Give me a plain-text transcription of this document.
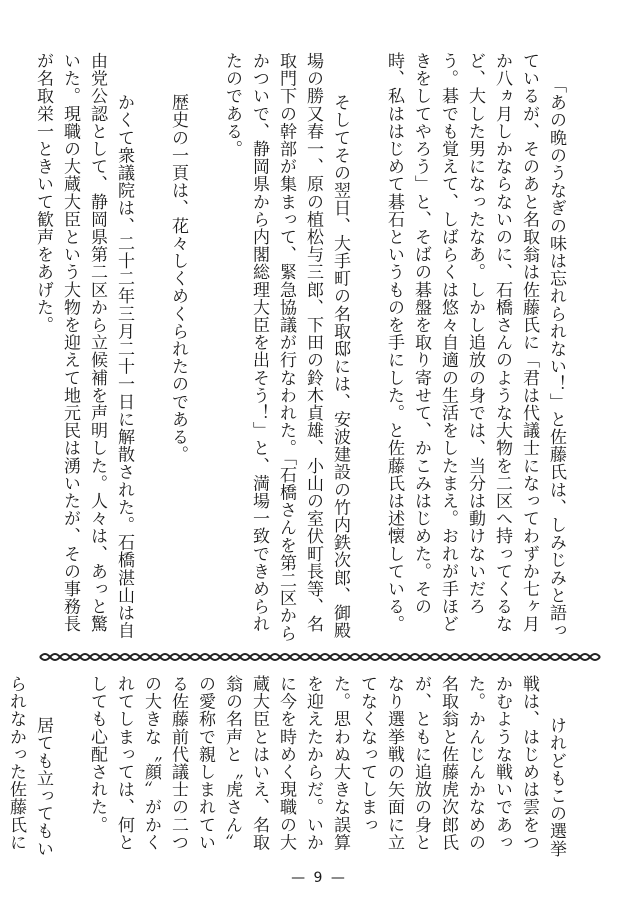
「あの晩のうなぎの味は忘れられない！」と佐藤氏は、しみじみと語っているが、そのあと名取翁は佐藤氏に「君は代議士になってわずか七ヶ月か八ヵ月しかならないのに、石橋さんのような大物を二区へ持ってくるなど、大した男になったなあ。しかし追放の身では、当分は動けないだろう。碁でも覚えて、しばらくは悠々自適の生活をしたまえ。おれが手ほどきをしてやろう」と、そばの碁盤を取り寄せて、かこみはじめた。その時、私ははじめて碁石というものを手にした。と佐藤氏は述懐している。

　そしてその翌日、大手町の名取邸には、安波建設の竹内鉄次郎、御殿場の勝又春一、原の植松与三郎、下田の鈴木貞雄、小山の室伏町長等、名取門下の幹部が集まって、緊急協議が行なわれた。「石橋さんを第二区からかついで、静岡県から内閣総理大臣を出そう！」と、満場一致できめられたのである。

　歴史の一頁は、花々しくめくられたのである。

　かくて衆議院は、二十二年三月二十一日に解散された。石橋湛山は自由党公認として、静岡県第二区から立候補を声明した。人々は、あっと驚いた。現職の大蔵大臣という大物を迎えて地元民は湧いたが、その事務長が名取栄一ときいて歓声をあげた。

　けれどもこの選挙戦は、はじめは雲をつかむような戦いであった。かんじんかなめの名取翁と佐藤虎次郎氏が、ともに追放の身となり選挙戦の矢面に立てなくなってしまった。思わぬ大きな誤算を迎えたからだ。いかに今を時めく現職の大蔵大臣とはいえ、名取翁の名声と〝虎さん〟の愛称で親しまれている佐藤前代議士の二つの大きな〝顔〟がかくれてしまっては、何としても心配された。

　居ても立ってもいられなかった佐藤氏に

— 9 —
